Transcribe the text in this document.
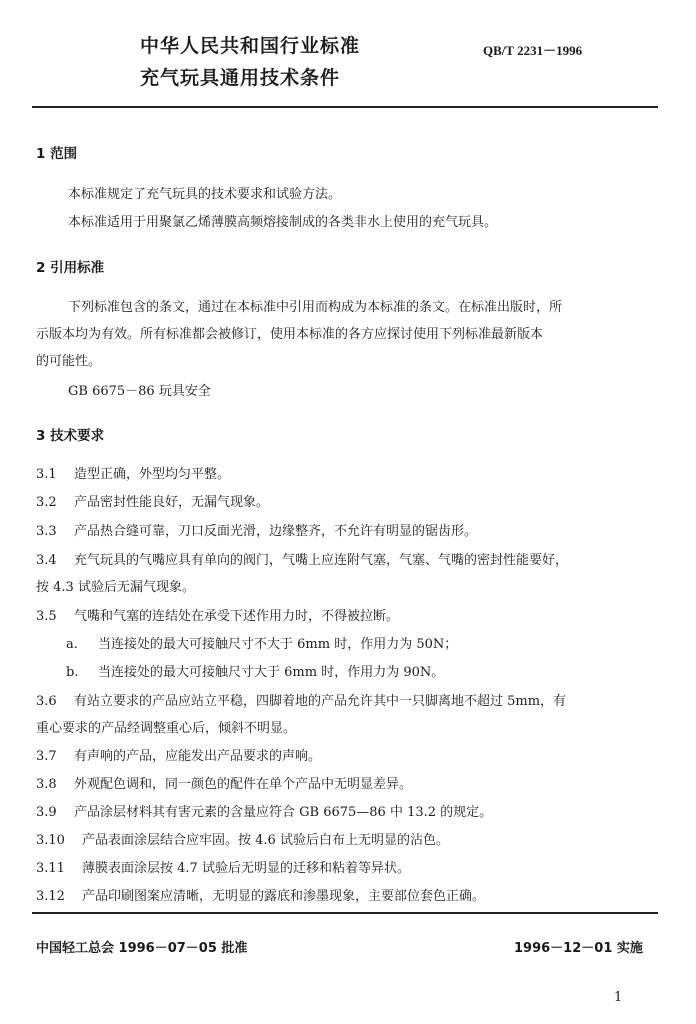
中华人民共和国行业标准
充气玩具通用技术条件
QB/T 2231－1996
1 范围
本标准规定了充气玩具的技术要求和试验方法。
本标准适用于用聚氯乙烯薄膜高频熔接制成的各类非水上使用的充气玩具。
2 引用标准
下列标准包含的条文，通过在本标准中引用而构成为本标准的条文。在标准出版时，所
示版本均为有效。所有标准都会被修订，使用本标准的各方应探讨使用下列标准最新版本
的可能性。
GB 6675－86 玩具安全
3 技术要求
3.1 造型正确，外型均匀平整。
3.2 产品密封性能良好，无漏气现象。
3.3 产品热合缝可靠，刀口反面光滑，边缘整齐，不允许有明显的锯齿形。
3.4 充气玩具的气嘴应具有单向的阀门，气嘴上应连附气塞，气塞、气嘴的密封性能要好，
按 4.3 试验后无漏气现象。
3.5 气嘴和气塞的连结处在承受下述作用力时，不得被拉断。
a. 当连接处的最大可接触尺寸不大于 6mm 时，作用力为 50N；
b. 当连接处的最大可接触尺寸大于 6mm 时，作用力为 90N。
3.6 有站立要求的产品应站立平稳，四脚着地的产品允许其中一只脚离地不超过 5mm，有
重心要求的产品经调整重心后，倾斜不明显。
3.7 有声响的产品，应能发出产品要求的声响。
3.8 外观配色调和，同一颜色的配件在单个产品中无明显差异。
3.9 产品涂层材料其有害元素的含量应符合 GB 6675—86 中 13.2 的规定。
3.10 产品表面涂层结合应牢固。按 4.6 试验后白布上无明显的沾色。
3.11 薄膜表面涂层按 4.7 试验后无明显的迁移和粘着等异状。
3.12 产品印刷图案应清晰，无明显的露底和渗墨现象，主要部位套色正确。
中国轻工总会 1996－07－05 批准	1996－12－01 实施
1
